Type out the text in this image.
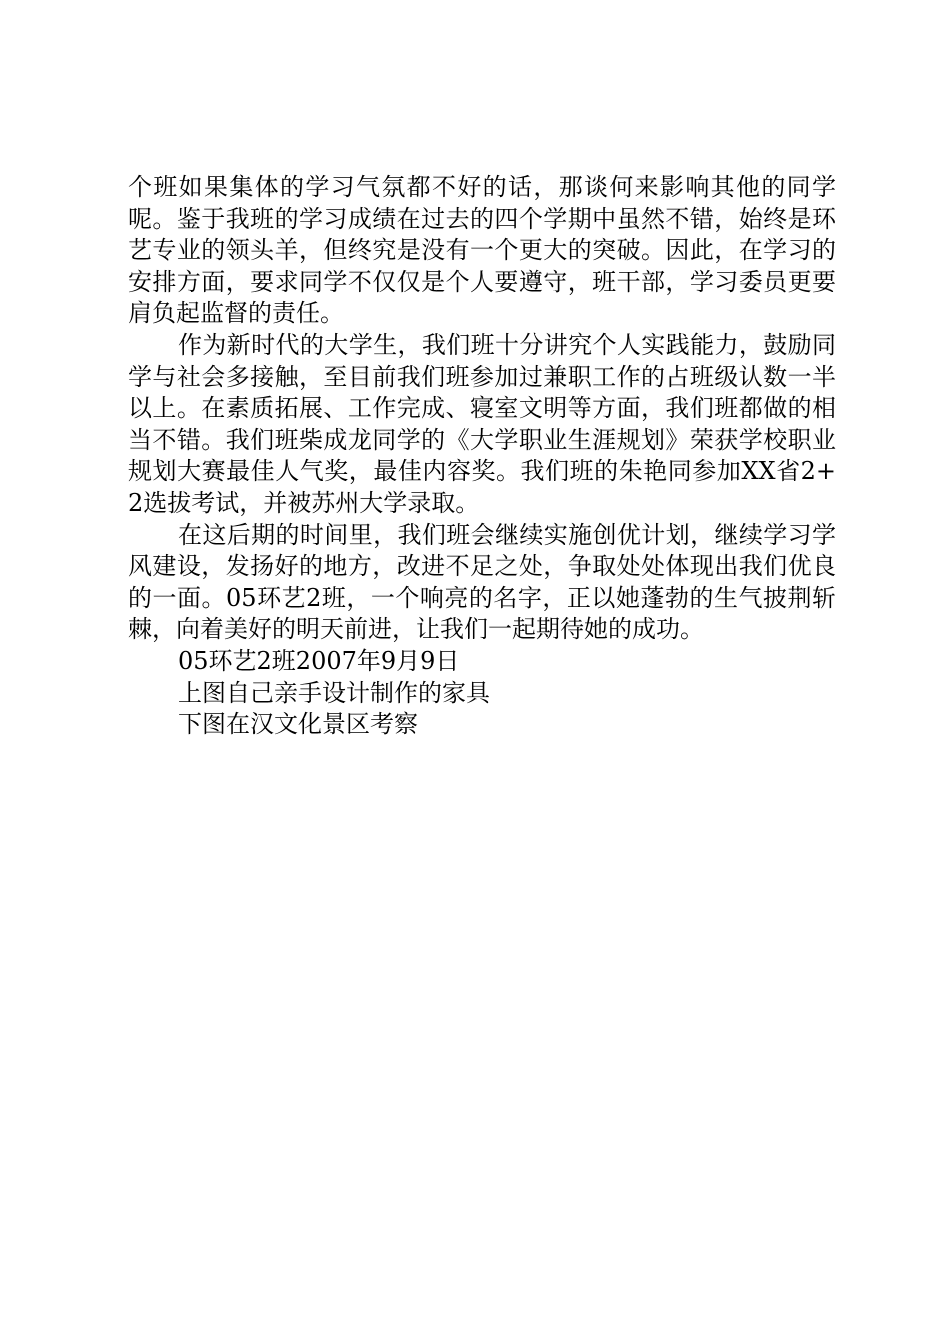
个班如果集体的学习气氛都不好的话，那谈何来影响其他的同学呢。鉴于我班的学习成绩在过去的四个学期中虽然不错，始终是环艺专业的领头羊，但终究是没有一个更大的突破。因此，在学习的安排方面，要求同学不仅仅是个人要遵守，班干部，学习委员更要肩负起监督的责任。

作为新时代的大学生，我们班十分讲究个人实践能力，鼓励同学与社会多接触，至目前我们班参加过兼职工作的占班级认数一半以上。在素质拓展、工作完成、寝室文明等方面，我们班都做的相当不错。我们班柴成龙同学的《大学职业生涯规划》荣获学校职业规划大赛最佳人气奖，最佳内容奖。我们班的朱艳同参加XX省2+2选拔考试，并被苏州大学录取。

在这后期的时间里，我们班会继续实施创优计划，继续学习学风建设，发扬好的地方，改进不足之处，争取处处体现出我们优良的一面。05环艺2班，一个响亮的名字，正以她蓬勃的生气披荆斩棘，向着美好的明天前进，让我们一起期待她的成功。

05环艺2班2007年9月9日

上图自己亲手设计制作的家具

下图在汉文化景区考察
